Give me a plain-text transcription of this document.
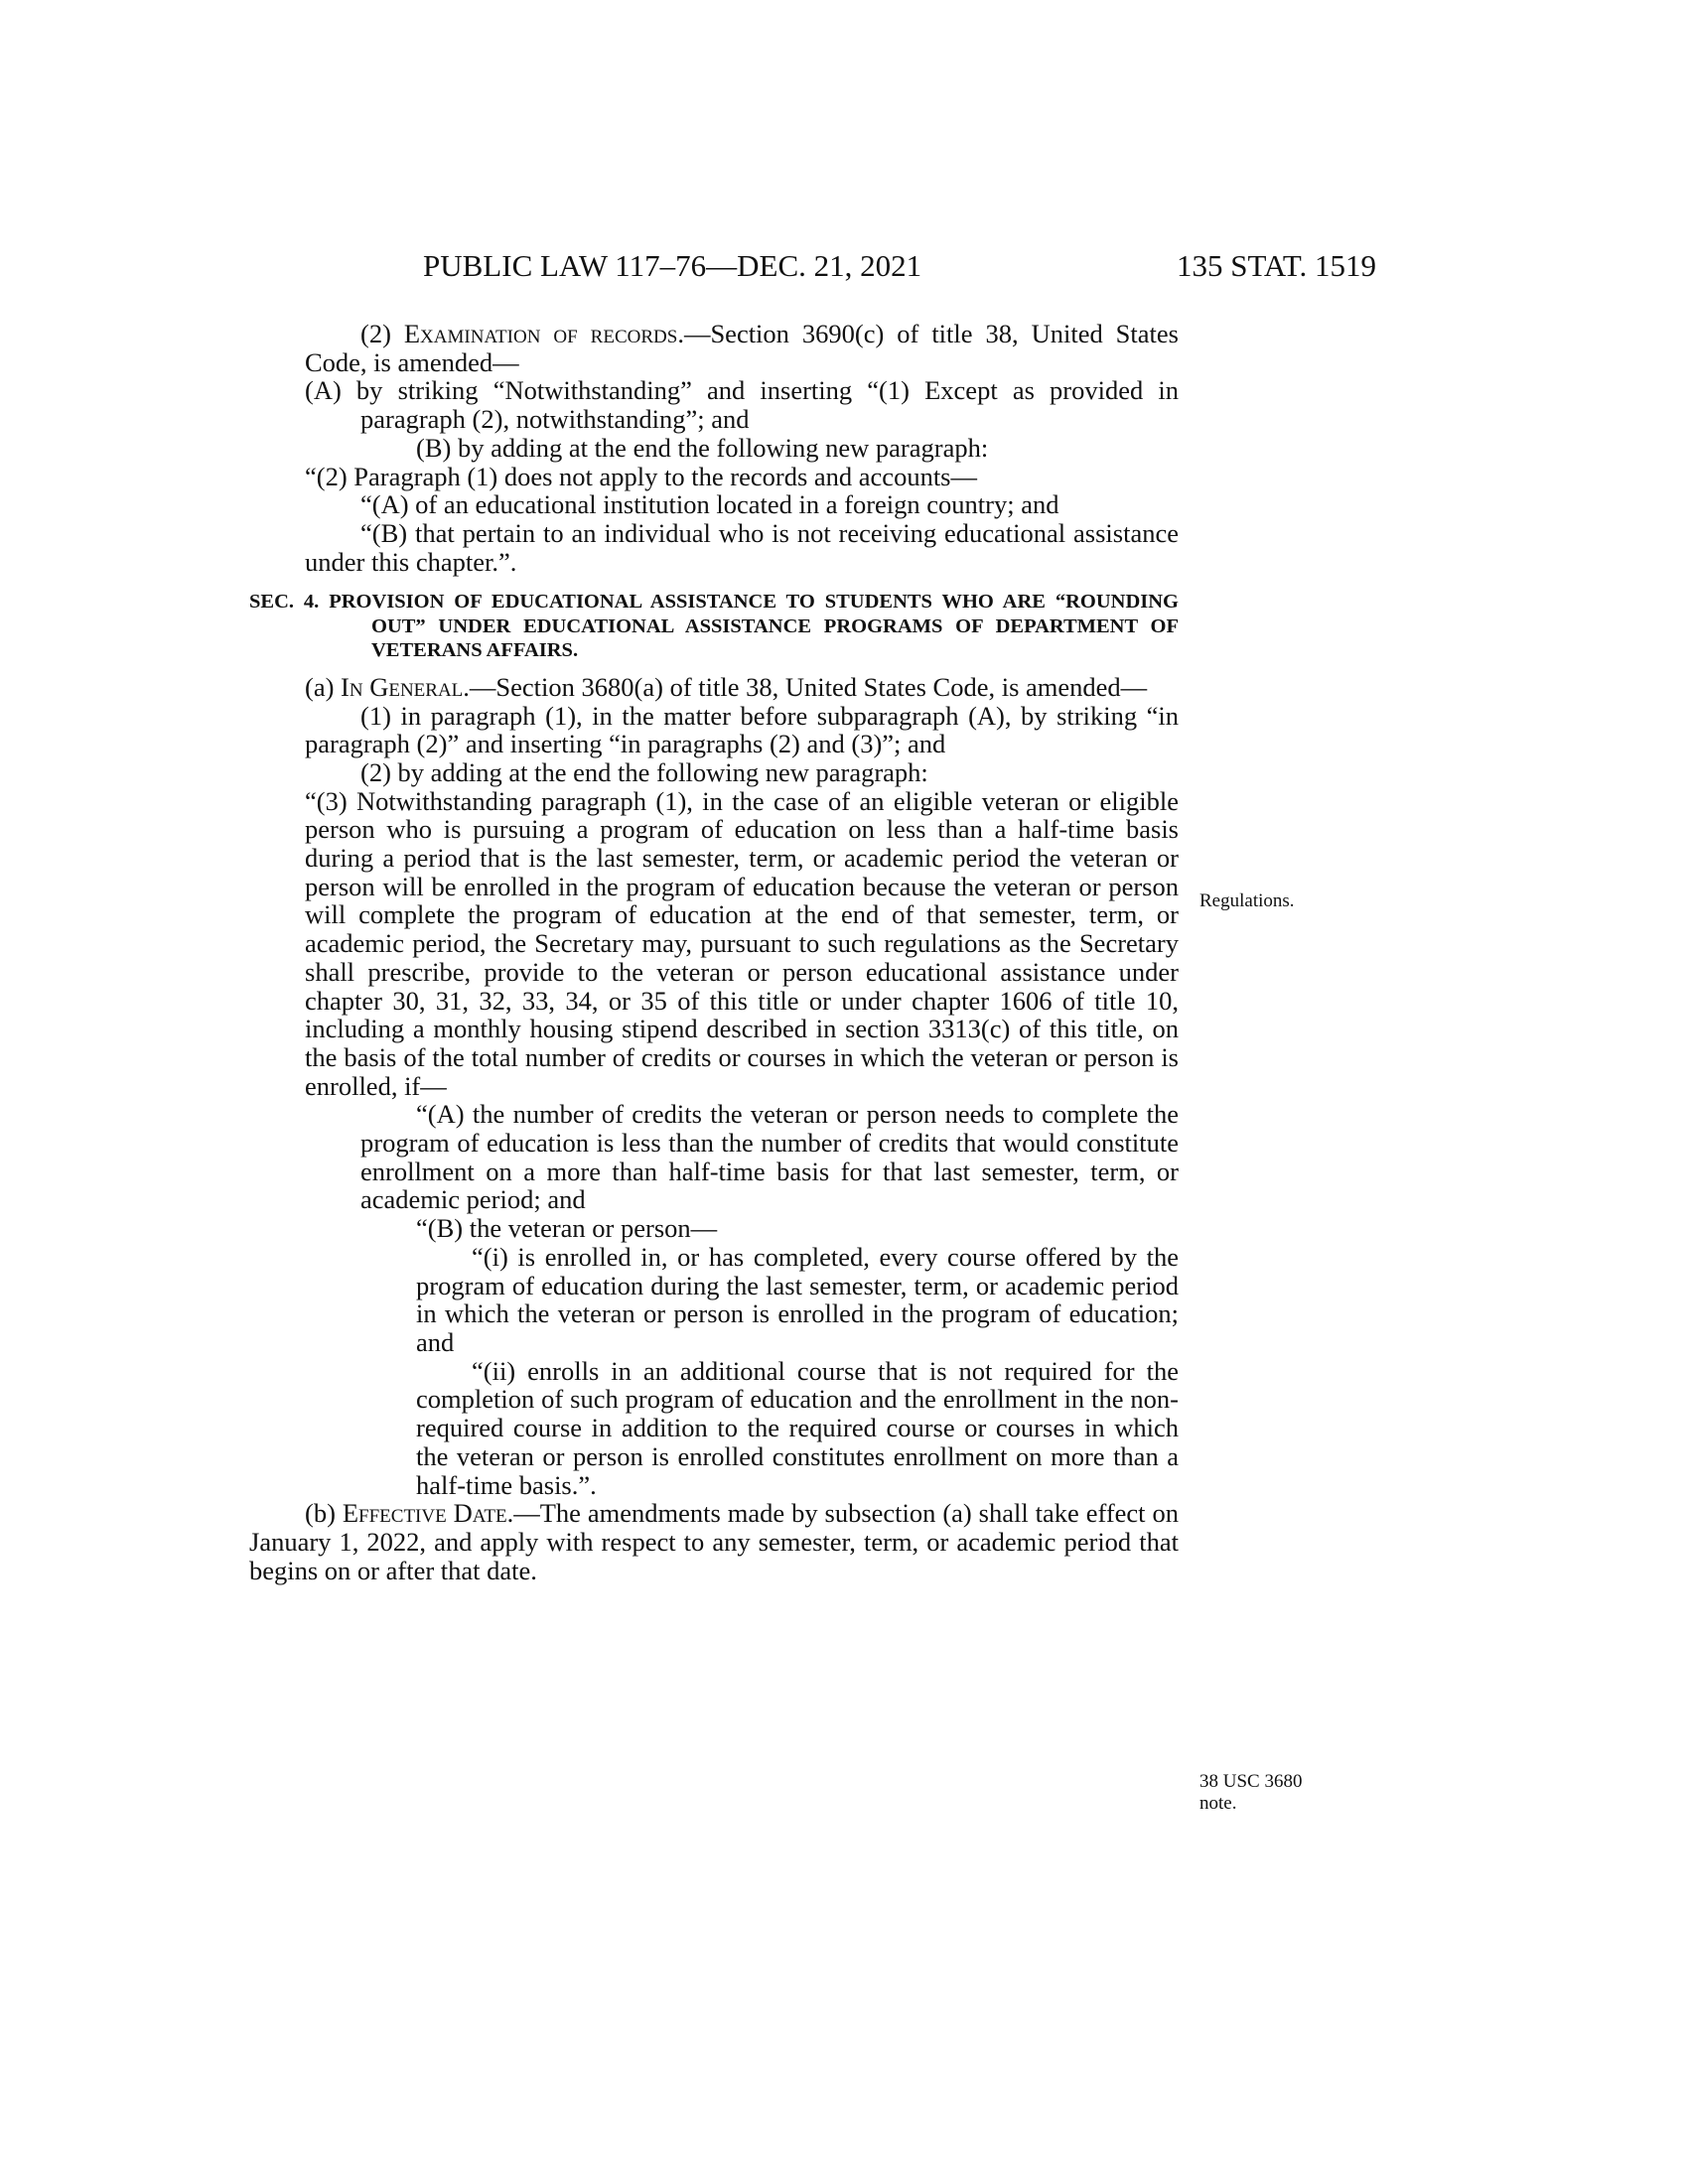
PUBLIC LAW 117–76—DEC. 21, 2021	135 STAT. 1519

(2) Examination of records.—Section 3690(c) of title 38, United States Code, is amended—

(A) by striking “Notwithstanding” and inserting “(1) Except as provided in paragraph (2), notwithstanding”; and

(B) by adding at the end the following new paragraph:

“(2) Paragraph (1) does not apply to the records and accounts—

“(A) of an educational institution located in a foreign country; and

“(B) that pertain to an individual who is not receiving educational assistance under this chapter.”.

SEC. 4. PROVISION OF EDUCATIONAL ASSISTANCE TO STUDENTS WHO ARE “ROUNDING OUT” UNDER EDUCATIONAL ASSISTANCE PROGRAMS OF DEPARTMENT OF VETERANS AFFAIRS.

(a) In General.—Section 3680(a) of title 38, United States Code, is amended—

(1) in paragraph (1), in the matter before subparagraph (A), by striking “in paragraph (2)” and inserting “in paragraphs (2) and (3)”; and

(2) by adding at the end the following new paragraph:

“(3) Notwithstanding paragraph (1), in the case of an eligible veteran or eligible person who is pursuing a program of education on less than a half-time basis during a period that is the last semester, term, or academic period the veteran or person will be enrolled in the program of education because the veteran or person will complete the program of education at the end of that semester, term, or academic period, the Secretary may, pursuant to such regulations as the Secretary shall prescribe, provide to the veteran or person educational assistance under chapter 30, 31, 32, 33, 34, or 35 of this title or under chapter 1606 of title 10, including a monthly housing stipend described in section 3313(c) of this title, on the basis of the total number of credits or courses in which the veteran or person is enrolled, if—

“(A) the number of credits the veteran or person needs to complete the program of education is less than the number of credits that would constitute enrollment on a more than half-time basis for that last semester, term, or academic period; and

“(B) the veteran or person—

“(i) is enrolled in, or has completed, every course offered by the program of education during the last semester, term, or academic period in which the veteran or person is enrolled in the program of education; and

“(ii) enrolls in an additional course that is not required for the completion of such program of education and the enrollment in the non-required course in addition to the required course or courses in which the veteran or person is enrolled constitutes enrollment on more than a half-time basis.”.

(b) Effective Date.—The amendments made by subsection (a) shall take effect on January 1, 2022, and apply with respect to any semester, term, or academic period that begins on or after that date.

Regulations.
38 USC 3680
note.
